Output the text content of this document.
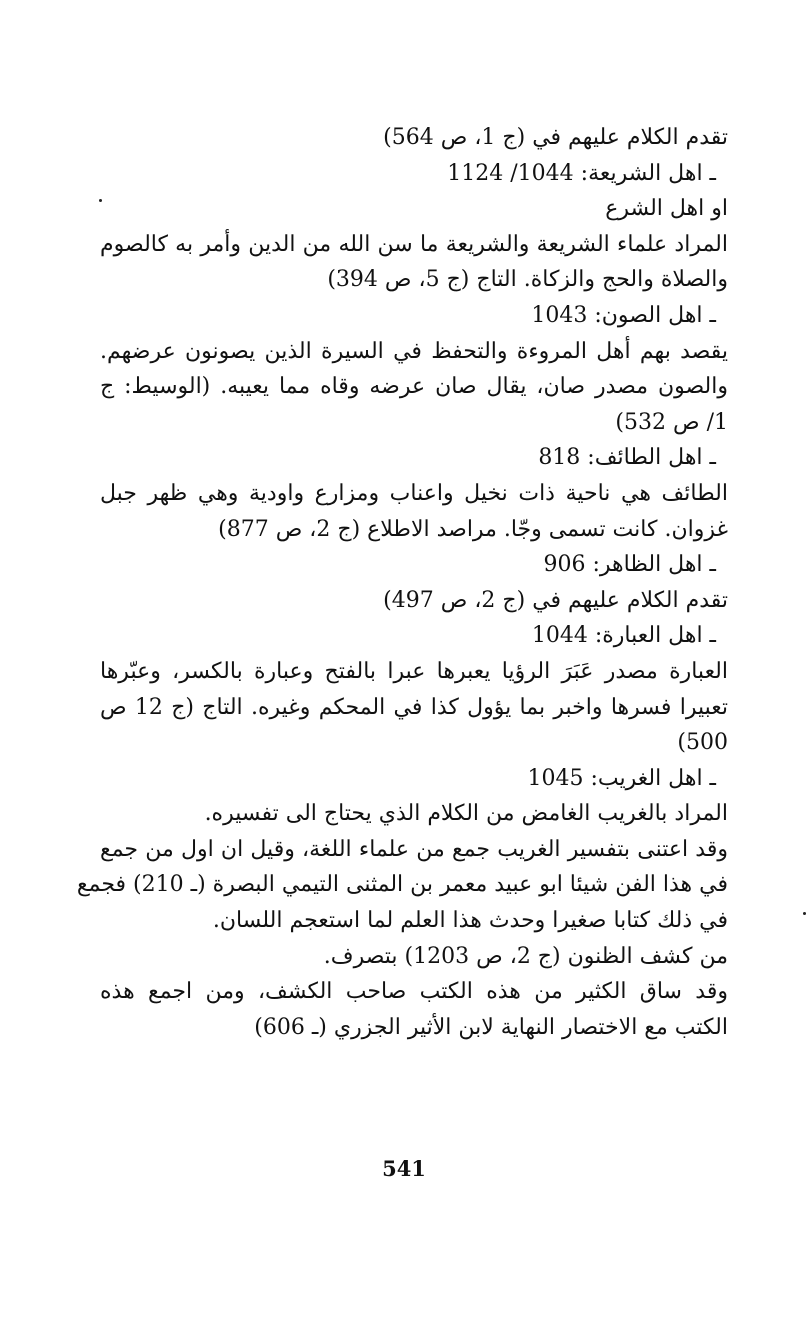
تقدم الكلام عليهم في (ج 1، ص 564)
ـ اهل الشريعة: 1044/ 1124
او اهل الشرع
المراد علماء الشريعة والشريعة ما سن الله من الدين وأمر به كالصوم
والصلاة والحج والزكاة. التاج (ج 5، ص 394)
ـ اهل الصون: 1043
يقصد بهم أهل المروءة والتحفظ في السيرة الذين يصونون عرضهم.
والصون مصدر صان، يقال صان عرضه وقاه مما يعيبه. (الوسيط: ج
1/ ص 532)
ـ اهل الطائف: 818
الطائف هي ناحية ذات نخيل واعناب ومزارع واودية وهي ظهر جبل
غزوان. كانت تسمى وجّا. مراصد الاطلاع (ج 2، ص 877)
ـ اهل الظاهر: 906
تقدم الكلام عليهم في (ج 2، ص 497)
ـ اهل العبارة: 1044
العبارة مصدر عَبَرَ الرؤيا يعبرها عبرا بالفتح وعبارة بالكسر، وعبّرها
تعبيرا فسرها واخبر بما يؤول كذا في المحكم وغيره. التاج (ج 12 ص
500)
ـ اهل الغريب: 1045
المراد بالغريب الغامض من الكلام الذي يحتاج الى تفسيره.
وقد اعتنى بتفسير الغريب جمع من علماء اللغة، وقيل ان اول من جمع
في هذا الفن شيئا ابو عبيد معمر بن المثنى التيمي البصرة (ـ 210) فجمع
في ذلك كتابا صغيرا وحدث هذا العلم لما استعجم اللسان.
من كشف الظنون (ج 2، ص 1203) بتصرف.
وقد ساق الكثير من هذه الكتب صاحب الكشف، ومن اجمع هذه
الكتب مع الاختصار النهاية لابن الأثير الجزري (ـ 606)
541
